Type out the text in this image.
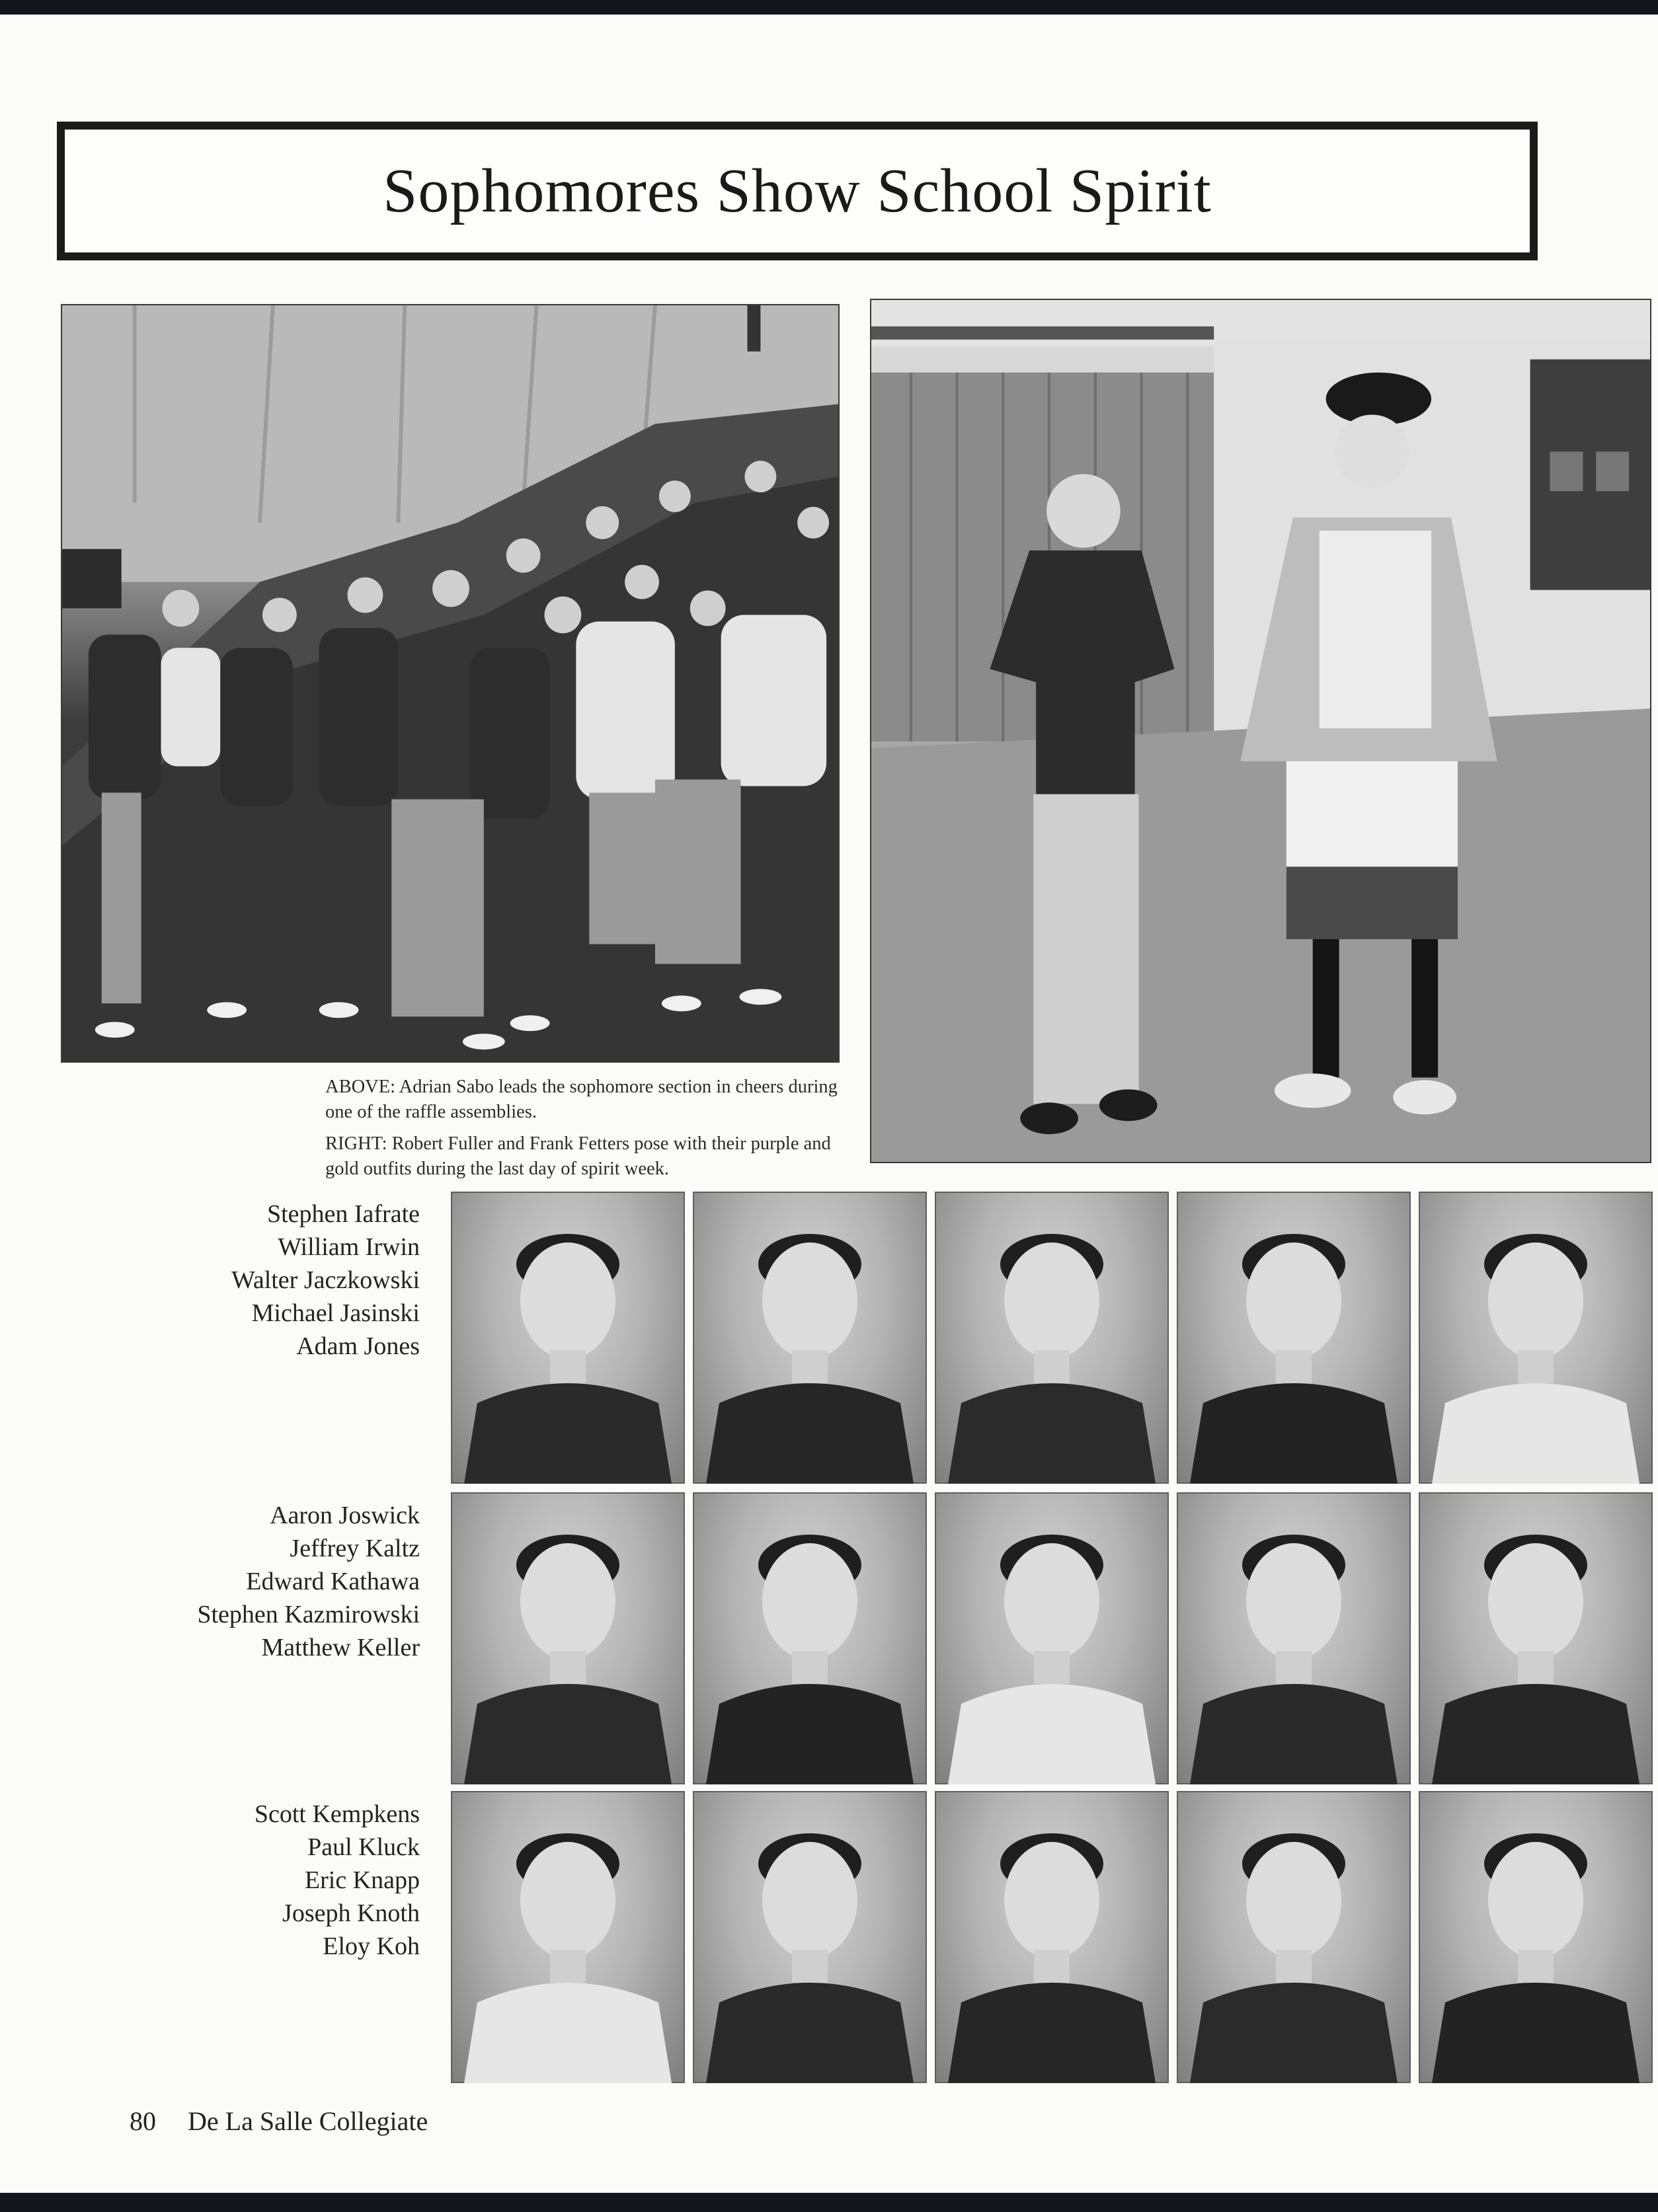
Sophomores Show School Spirit

ABOVE: Adrian Sabo leads the sophomore section in cheers during one of the raffle assemblies.

RIGHT: Robert Fuller and Frank Fetters pose with their purple and gold outfits during the last day of spirit week.

Stephen Iafrate
William Irwin
Walter Jaczkowski
Michael Jasinski
Adam Jones
Aaron Joswick
Jeffrey Kaltz
Edward Kathawa
Stephen Kazmirowski
Matthew Keller
Scott Kempkens
Paul Kluck
Eric Knapp
Joseph Knoth
Eloy Koh
80 De La Salle Collegiate
